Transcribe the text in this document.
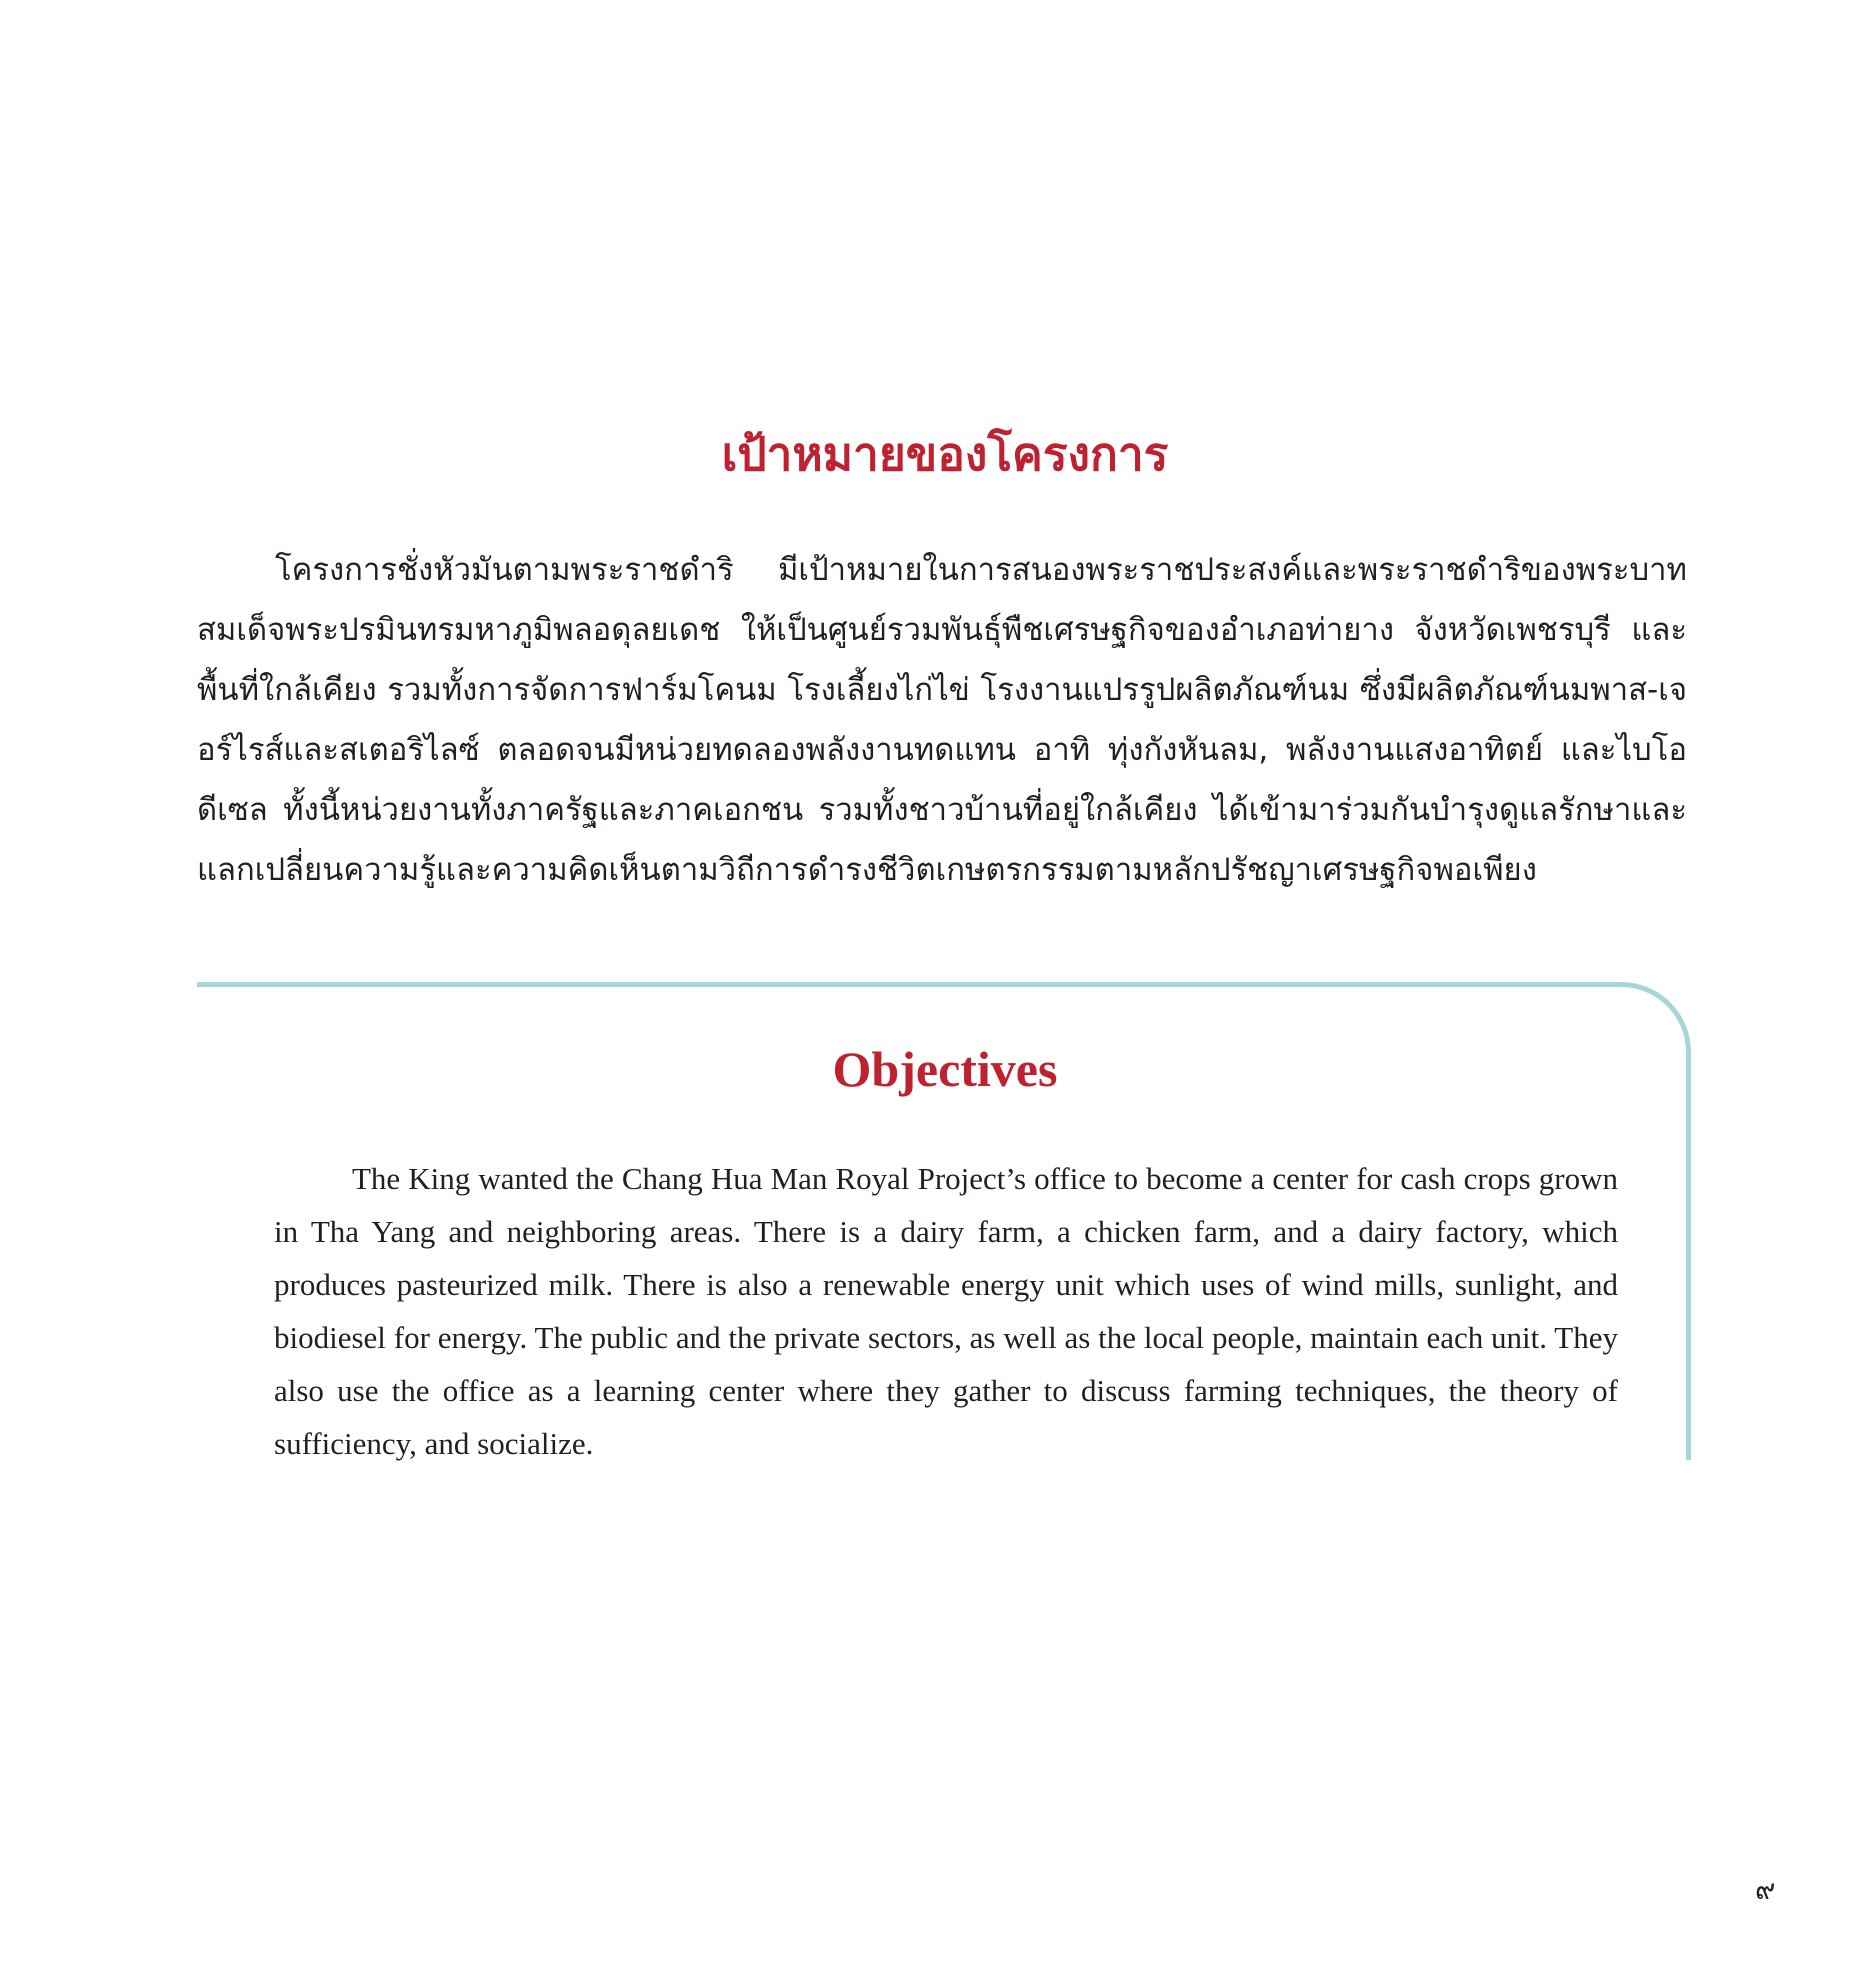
เป้าหมายของโครงการ

โครงการชั่งหัวมันตามพระราชดำริ มีเป้าหมายในการสนองพระราชประสงค์และพระราชดำริของพระบาทสมเด็จพระปรมินทรมหาภูมิพลอดุลยเดช ให้เป็นศูนย์รวมพันธุ์พืชเศรษฐกิจของอำเภอท่ายาง จังหวัดเพชรบุรี และพื้นที่ใกล้เคียง รวมทั้งการจัดการฟาร์มโคนม โรงเลี้ยงไก่ไข่ โรงงานแปรรูปผลิตภัณฑ์นม ซึ่งมีผลิตภัณฑ์นมพาส-เจอร์ไรส์และสเตอริไลซ์ ตลอดจนมีหน่วยทดลองพลังงานทดแทน อาทิ ทุ่งกังหันลม, พลังงานแสงอาทิตย์ และไบโอดีเซล ทั้งนี้หน่วยงานทั้งภาครัฐและภาคเอกชน รวมทั้งชาวบ้านที่อยู่ใกล้เคียง ได้เข้ามาร่วมกันบำรุงดูแลรักษาและแลกเปลี่ยนความรู้และความคิดเห็นตามวิถีการดำรงชีวิตเกษตรกรรมตามหลักปรัชญาเศรษฐกิจพอเพียง

Objectives

The King wanted the Chang Hua Man Royal Project’s office to become a center for cash crops grown in Tha Yang and neighboring areas. There is a dairy farm, a chicken farm, and a dairy factory, which produces pasteurized milk. There is also a renewable energy unit which uses of wind mills, sunlight, and biodiesel for energy. The public and the private sectors, as well as the local people, maintain each unit. They also use the office as a learning center where they gather to discuss farming techniques, the theory of sufficiency, and socialize.

๙
